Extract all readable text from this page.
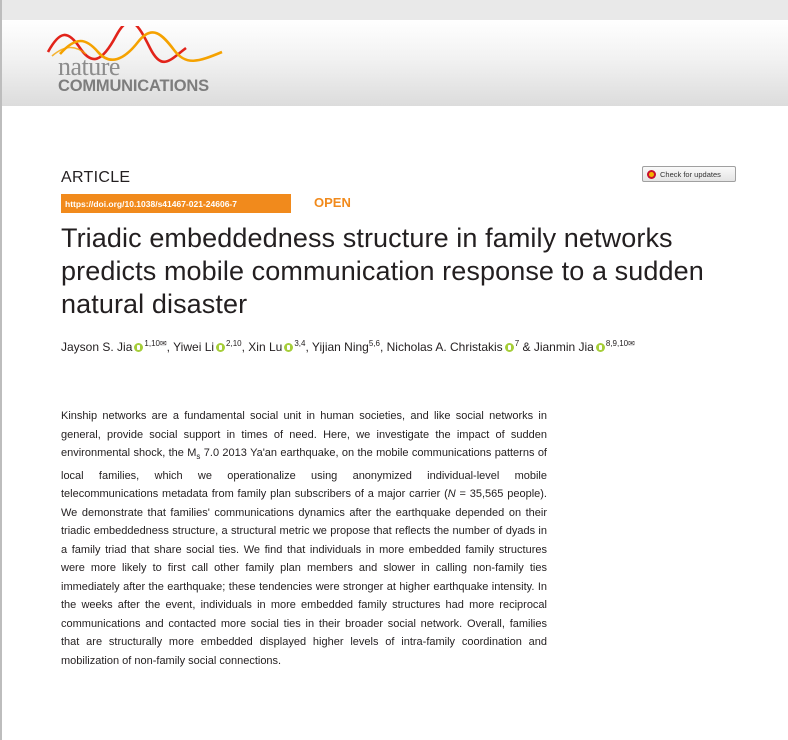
nature
COMMUNICATIONS
ARTICLE	Check for updates
https://doi.org/10.1038/s41467-021-24606-7	OPEN
Triadic embeddedness structure in family networks predicts mobile communication response to a sudden natural disaster
Jayson S. Jia  $^{1,10✉}$, Yiwei Li  $^{2,10}$, Xin Lu  $^{3,4}$, Yijian Ning$^{5,6}$, Nicholas A. Christakis  $^7$ & Jianmin Jia  $^{8,9,10✉}$

Kinship networks are a fundamental social unit in human societies, and like social networks in general, provide social support in times of need. Here, we investigate the impact of sudden environmental shock, the $M_s$ 7.0 2013 Ya'an earthquake, on the mobile communications patterns of local families, which we operationalize using anonymized individual-level mobile telecommunications metadata from family plan subscribers of a major carrier (N = 35,565 people). We demonstrate that families' communications dynamics after the earthquake depended on their triadic embeddedness structure, a structural metric we propose that reflects the number of dyads in a family triad that share social ties. We find that individuals in more embedded family structures were more likely to first call other family plan members and slower in calling non-family ties immediately after the earthquake; these tendencies were stronger at higher earthquake intensity. In the weeks after the event, individuals in more embedded family structures had more reciprocal communications and contacted more social ties in their broader social network. Overall, families that are structurally more embedded displayed higher levels of intra-family coordination and mobilization of non-family social connections.
